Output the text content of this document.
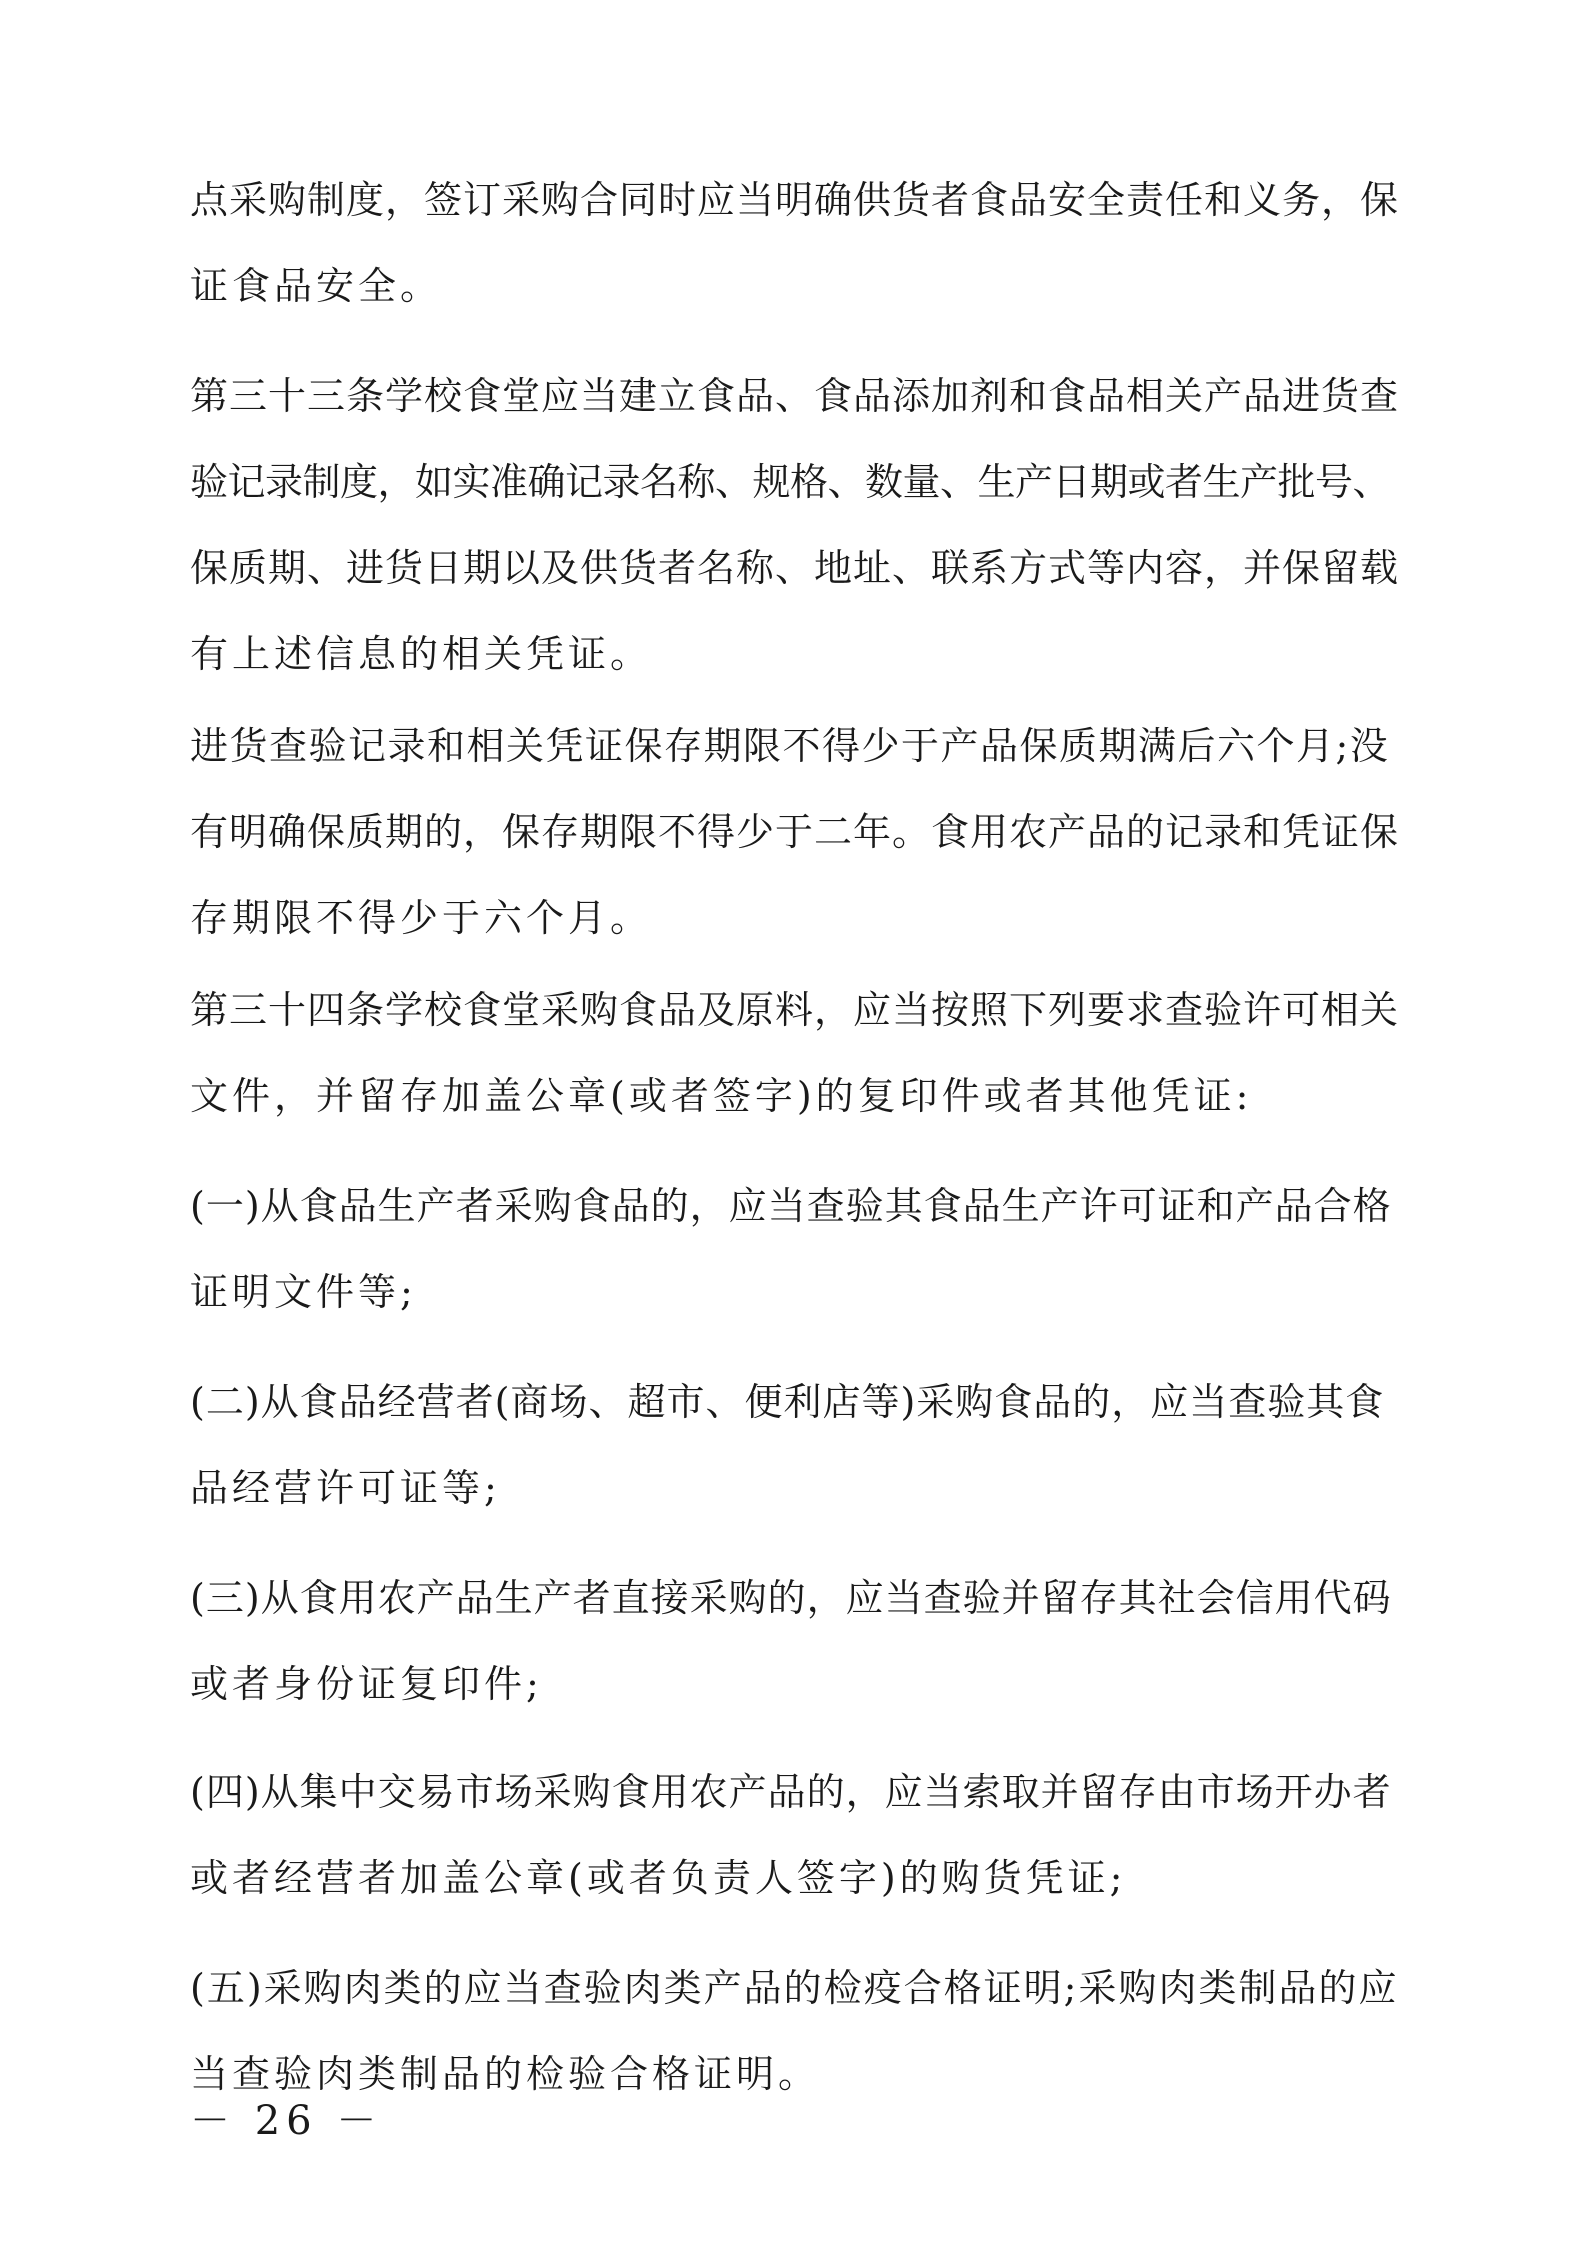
点采购制度，签订采购合同时应当明确供货者食品安全责任和义务，保
证食品安全。

第三十三条学校食堂应当建立食品、食品添加剂和食品相关产品进货查
验记录制度，如实准确记录名称、规格、数量、生产日期或者生产批号、
保质期、进货日期以及供货者名称、地址、联系方式等内容，并保留载
有上述信息的相关凭证。

进货查验记录和相关凭证保存期限不得少于产品保质期满后六个月;没
有明确保质期的，保存期限不得少于二年。食用农产品的记录和凭证保
存期限不得少于六个月。

第三十四条学校食堂采购食品及原料，应当按照下列要求查验许可相关
文件，并留存加盖公章(或者签字)的复印件或者其他凭证:

(一)从食品生产者采购食品的，应当查验其食品生产许可证和产品合格
证明文件等;

(二)从食品经营者(商场、超市、便利店等)采购食品的，应当查验其食
品经营许可证等;

(三)从食用农产品生产者直接采购的，应当查验并留存其社会信用代码
或者身份证复印件;

(四)从集中交易市场采购食用农产品的，应当索取并留存由市场开办者
或者经营者加盖公章(或者负责人签字)的购货凭证;

(五)采购肉类的应当查验肉类产品的检疫合格证明;采购肉类制品的应
当查验肉类制品的检验合格证明。

－ 26 －
